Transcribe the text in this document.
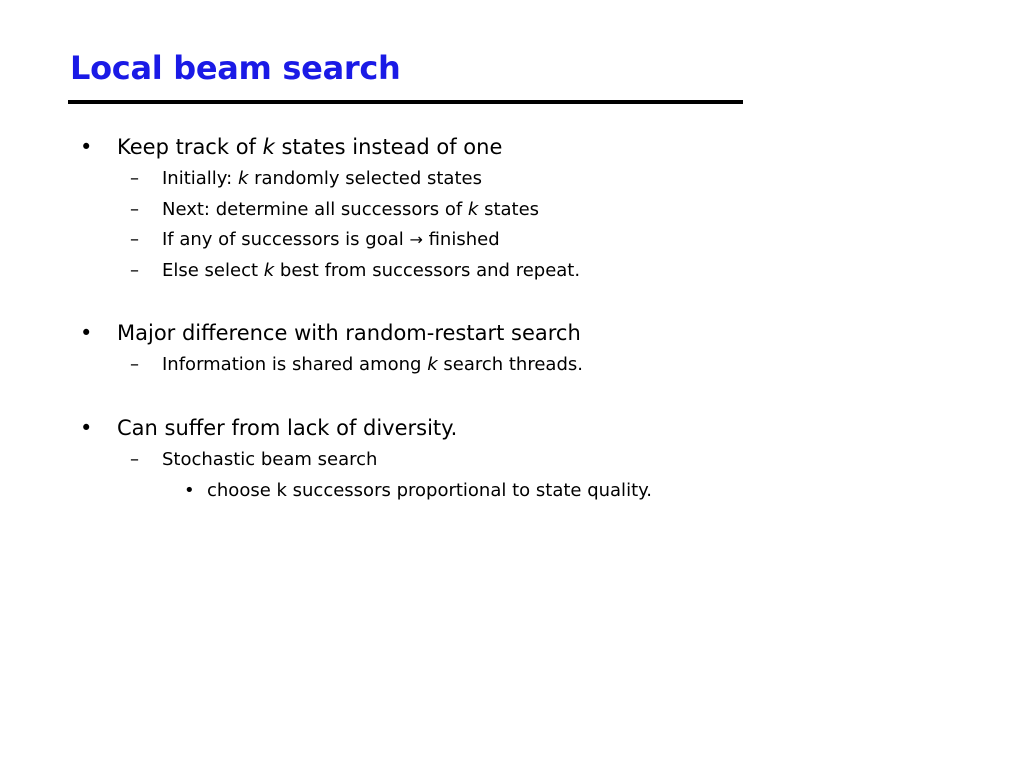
Local beam search
• Keep track of k states instead of one
– Initially: k randomly selected states
– Next: determine all successors of k states
– If any of successors is goal → finished
– Else select k best from successors and repeat.
• Major difference with random-restart search
– Information is shared among k search threads.
• Can suffer from lack of diversity.
– Stochastic beam search
• choose k successors proportional to state quality.
